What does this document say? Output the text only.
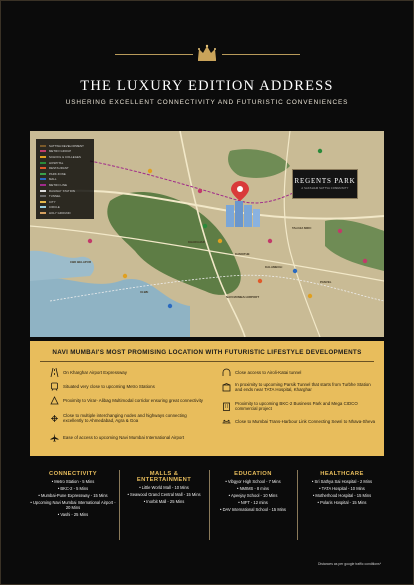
THE LUXURY EDITION ADDRESS
USHERING EXCELLENT CONNECTIVITY AND FUTURISTIC CONVENIENCES
SATTWA DEVELOPMENT
METRO GROUP
SCHOOL & COLLEGES
HOSPITAL
RESTAURANT
PARK ZONE
MALL
METRO LINE
RAILWAY STATION
TUNNEL
CITY
CIRCLE
HOLY GROUND
REGENTS PARK
A SAKSHAM SATTVA COMMUNITY
KHARGHAR
TALOJA MIDC
PANVEL
CBD BELAPUR
KAMOTHE
KALAMBOLI
NAVI MUMBAI AIRPORT
ULWE
NAVI MUMBAI'S MOST PROMISING LOCATION WITH FUTURISTIC LIFESTYLE DEVELOPMENTS
On Kharghar Airport Expressway
Situated very close to upcoming Metro Stations
Proximity to Virar- Alibag Multimodal corridor ensuring great connectivity
Close to multiple interchanging nodes and highways connecting excellently to Ahmedabad, Agra & Goa
Ease of access to upcoming Navi Mumbai International Airport
Close access to Airoli-Katai tunnel
In proximity to upcoming Parsik Tunnel that starts from Turbhe Station and ends near TATA Hospital, Kharghar
Proximity to upcoming BKC-2 Business Park and Mega CIDCO commercial project
Close to Mumbai Trans-Harbour Link Connecting Sewri to Nhava-Sheva
CONNECTIVITY
• Metro Station - 5 Mins
• BKC-2 - 5 Mins
• Mumbai-Pune Expressway - 15 Mins
• Upcoming Navi Mumbai International Airport - 20 Mins
• Vashi - 25 Mins
MALLS & ENTERTAINMENT
• Little World Mall - 10 Mins
• Seawood Grand Central Mall - 15 Mins
• Inorbit Mall - 25 Mins
EDUCATION
• Vibgyor High School - 7 Mins
• NMIMS - 8 mins
• Apeejay School - 10 Mins
• NIFT - 12 mins
• DAV International School - 15 Mins
HEALTHCARE
• Sri Sathya Sai Hospital - 2 Mins
• TATA Hospital - 10 Mins
• Motherhood Hospital - 15 Mins
• Polaris Hospital - 15 Mins
Distances as per google traffic conditions*
